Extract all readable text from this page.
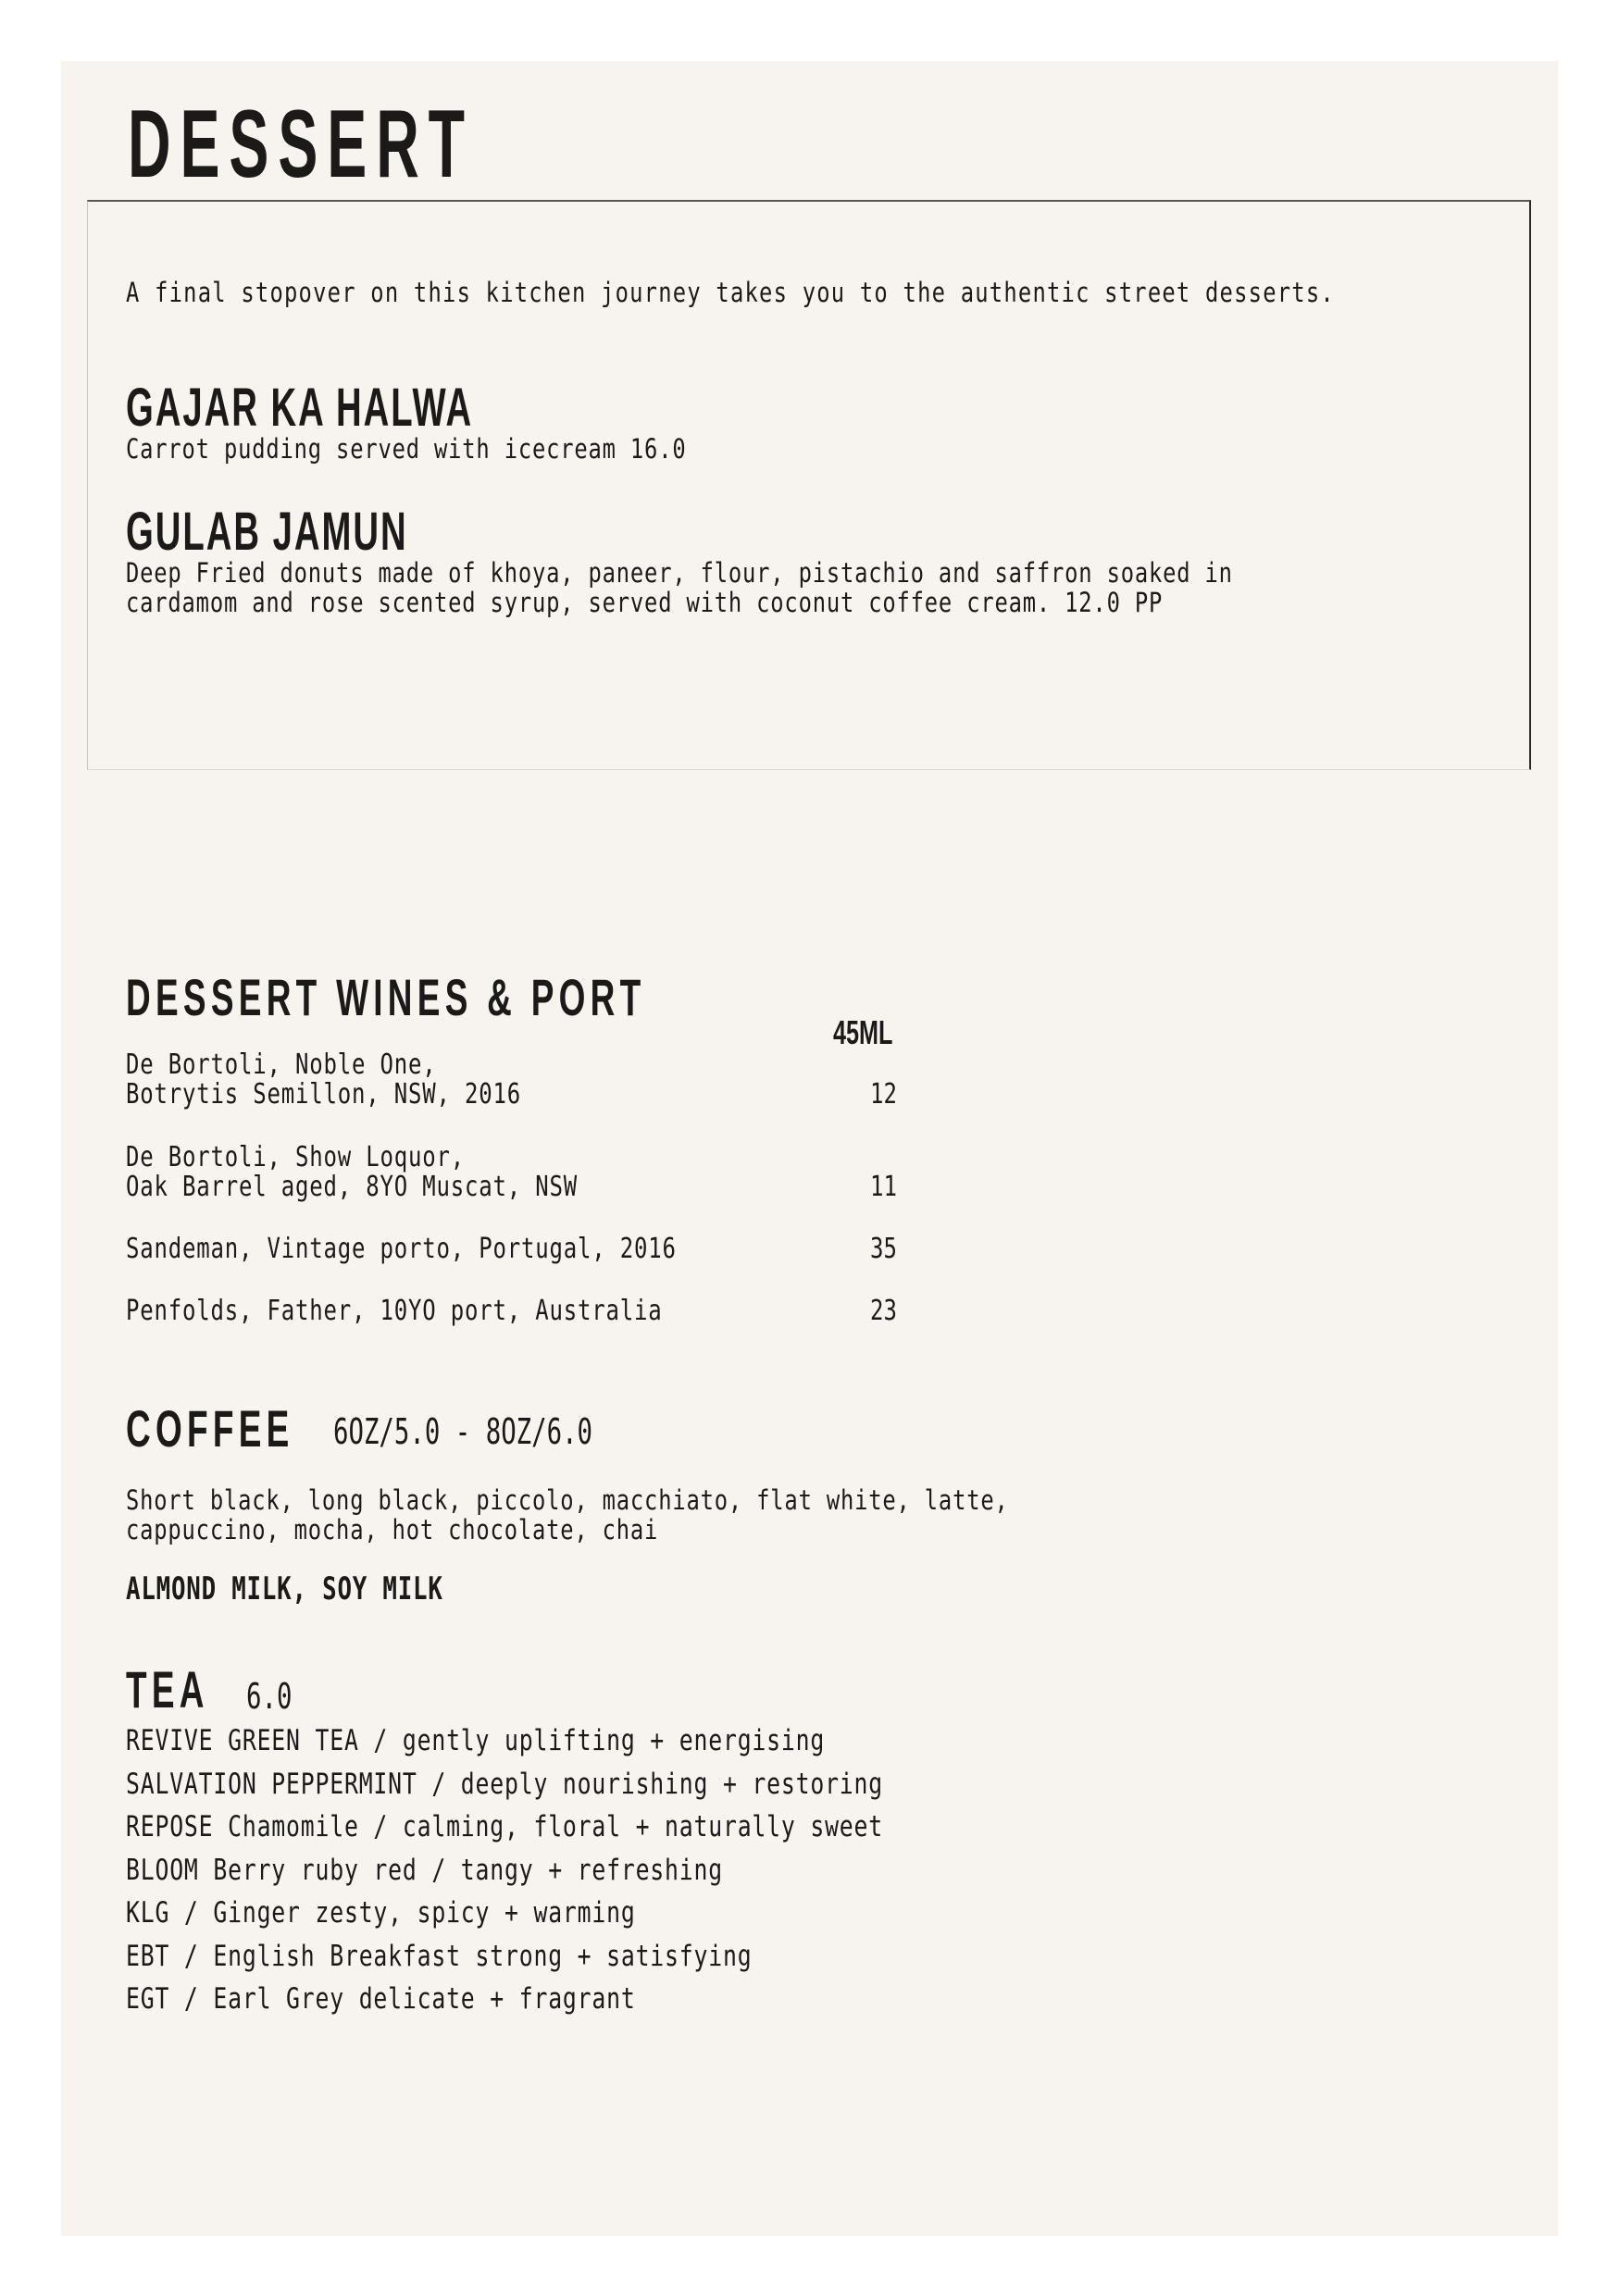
DESSERT
A final stopover on this kitchen journey takes you to the authentic street desserts.
GAJAR KA HALWA
Carrot pudding served with icecream 16.0
GULAB JAMUN
Deep Fried donuts made of khoya, paneer, flour, pistachio and saffron soaked in
cardamom and rose scented syrup, served with coconut coffee cream. 12.0 PP
DESSERT WINES & PORT
45ML
De Bortoli, Noble One,
Botrytis Semillon, NSW, 2016	12
De Bortoli, Show Loquor,
Oak Barrel aged, 8YO Muscat, NSW	11
Sandeman, Vintage porto, Portugal, 2016	35
Penfolds, Father, 10YO port, Australia	23
COFFEE 6OZ/5.0 - 8OZ/6.0
Short black, long black, piccolo, macchiato, flat white, latte,
cappuccino, mocha, hot chocolate, chai
ALMOND MILK, SOY MILK
TEA 6.0
REVIVE GREEN TEA / gently uplifting + energising
SALVATION PEPPERMINT / deeply nourishing + restoring
REPOSE Chamomile / calming, floral + naturally sweet
BLOOM Berry ruby red / tangy + refreshing
KLG / Ginger zesty, spicy + warming
EBT / English Breakfast strong + satisfying
EGT / Earl Grey delicate + fragrant
